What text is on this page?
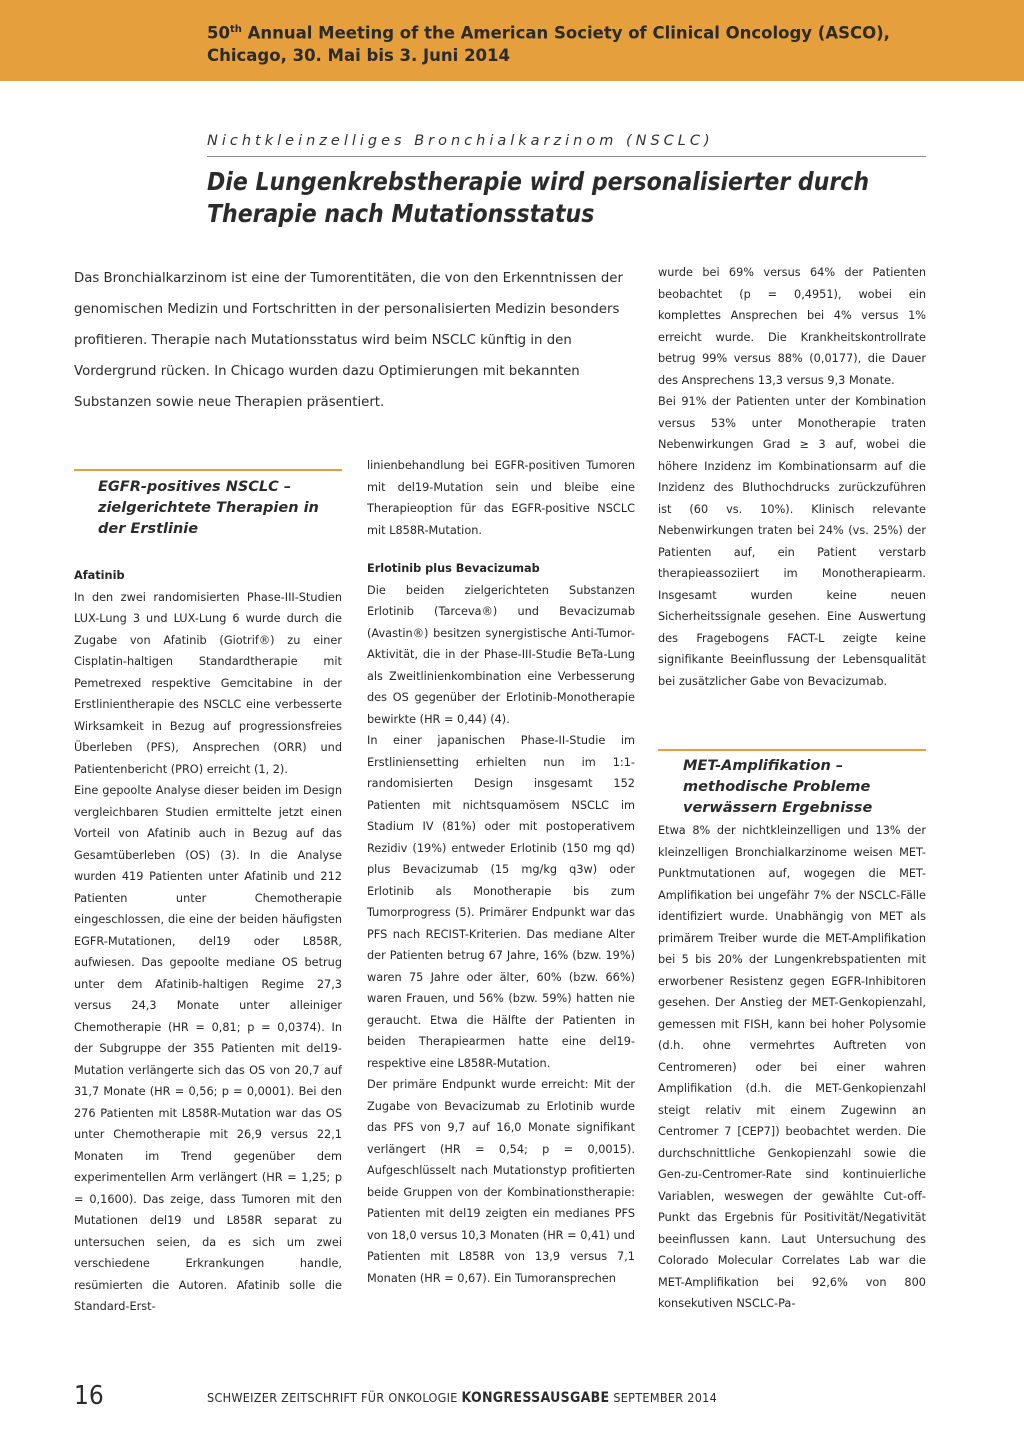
50th Annual Meeting of the American Society of Clinical Oncology (ASCO),
Chicago, 30. Mai bis 3. Juni 2014
Nichtkleinzelliges Bronchialkarzinom (NSCLC)
Die Lungenkrebstherapie wird personalisierter durch Therapie nach Mutationsstatus
Das Bronchialkarzinom ist eine der Tumorentitäten, die von den Erkenntnissen der genomischen Medizin und Fortschritten in der personalisierten Medizin besonders profitieren. Therapie nach Mutationsstatus wird beim NSCLC künftig in den Vordergrund rücken. In Chicago wurden dazu Optimierungen mit bekannten Substanzen sowie neue Therapien präsentiert.
EGFR-positives NSCLC – zielgerichtete Therapien in der Erstlinie

Afatinib

In den zwei randomisierten Phase-III-Studien LUX-Lung 3 und LUX-Lung 6 wurde durch die Zugabe von Afatinib (Giotrif®) zu einer Cisplatin-haltigen Standardtherapie mit Pemetrexed respektive Gemcitabine in der Erstlinientherapie des NSCLC eine verbesserte Wirksamkeit in Bezug auf progressionsfreies Überleben (PFS), Ansprechen (ORR) und Patientenbericht (PRO) erreicht (1, 2).

Eine gepoolte Analyse dieser beiden im Design vergleichbaren Studien ermittelte jetzt einen Vorteil von Afatinib auch in Bezug auf das Gesamtüberleben (OS) (3). In die Analyse wurden 419 Patienten unter Afatinib und 212 Patienten unter Chemotherapie eingeschlossen, die eine der beiden häufigsten EGFR-Mutationen, del19 oder L858R, aufwiesen. Das gepoolte mediane OS betrug unter dem Afatinib-haltigen Regime 27,3 versus 24,3 Monate unter alleiniger Chemotherapie (HR = 0,81; p = 0,0374). In der Subgruppe der 355 Patienten mit del19-Mutation verlängerte sich das OS von 20,7 auf 31,7 Monate (HR = 0,56; p = 0,0001). Bei den 276 Patienten mit L858R-Mutation war das OS unter Chemotherapie mit 26,9 versus 22,1 Monaten im Trend gegenüber dem experimentellen Arm verlängert (HR = 1,25; p = 0,1600). Das zeige, dass Tumoren mit den Mutationen del19 und L858R separat zu untersuchen seien, da es sich um zwei verschiedene Erkrankungen handle, resümierten die Autoren. Afatinib solle die Standard-Erst-

linienbehandlung bei EGFR-positiven Tumoren mit del19-Mutation sein und bleibe eine Therapieoption für das EGFR-positive NSCLC mit L858R-Mutation.

Erlotinib plus Bevacizumab

Die beiden zielgerichteten Substanzen Erlotinib (Tarceva®) und Bevacizumab (Avastin®) besitzen synergistische Anti-Tumor-Aktivität, die in der Phase-III-Studie BeTa-Lung als Zweitlinienkombination eine Verbesserung des OS gegenüber der Erlotinib-Monotherapie bewirkte (HR = 0,44) (4).

In einer japanischen Phase-II-Studie im Erstliniensetting erhielten nun im 1:1-randomisierten Design insgesamt 152 Patienten mit nichtsquamösem NSCLC im Stadium IV (81%) oder mit postoperativem Rezidiv (19%) entweder Erlotinib (150 mg qd) plus Bevacizumab (15 mg/kg q3w) oder Erlotinib als Monotherapie bis zum Tumorprogress (5). Primärer Endpunkt war das PFS nach RECIST-Kriterien. Das mediane Alter der Patienten betrug 67 Jahre, 16% (bzw. 19%) waren 75 Jahre oder älter, 60% (bzw. 66%) waren Frauen, und 56% (bzw. 59%) hatten nie geraucht. Etwa die Hälfte der Patienten in beiden Therapiearmen hatte eine del19- respektive eine L858R-Mutation.

Der primäre Endpunkt wurde erreicht: Mit der Zugabe von Bevacizumab zu Erlotinib wurde das PFS von 9,7 auf 16,0 Monate signifikant verlängert (HR = 0,54; p = 0,0015). Aufgeschlüsselt nach Mutationstyp profitierten beide Gruppen von der Kombinationstherapie: Patienten mit del19 zeigten ein medianes PFS von 18,0 versus 10,3 Monaten (HR = 0,41) und Patienten mit L858R von 13,9 versus 7,1 Monaten (HR = 0,67). Ein Tumoransprechen

wurde bei 69% versus 64% der Patienten beobachtet (p = 0,4951), wobei ein komplettes Ansprechen bei 4% versus 1% erreicht wurde. Die Krankheitskontrollrate betrug 99% versus 88% (0,0177), die Dauer des Ansprechens 13,3 versus 9,3 Monate.

Bei 91% der Patienten unter der Kombination versus 53% unter Monotherapie traten Nebenwirkungen Grad ≥ 3 auf, wobei die höhere Inzidenz im Kombinationsarm auf die Inzidenz des Bluthochdrucks zurückzuführen ist (60 vs. 10%). Klinisch relevante Nebenwirkungen traten bei 24% (vs. 25%) der Patienten auf, ein Patient verstarb therapieassoziiert im Monotherapiearm. Insgesamt wurden keine neuen Sicherheitssignale gesehen. Eine Auswertung des Fragebogens FACT-L zeigte keine signifikante Beeinflussung der Lebensqualität bei zusätzlicher Gabe von Bevacizumab.

MET-Amplifikation – methodische Probleme verwässern Ergebnisse

Etwa 8% der nichtkleinzelligen und 13% der kleinzelligen Bronchialkarzinome weisen MET-Punktmutationen auf, wogegen die MET-Amplifikation bei ungefähr 7% der NSCLC-Fälle identifiziert wurde. Unabhängig von MET als primärem Treiber wurde die MET-Amplifikation bei 5 bis 20% der Lungenkrebspatienten mit erworbener Resistenz gegen EGFR-Inhibitoren gesehen. Der Anstieg der MET-Genkopienzahl, gemessen mit FISH, kann bei hoher Polysomie (d.h. ohne vermehrtes Auftreten von Centromeren) oder bei einer wahren Amplifikation (d.h. die MET-Genkopienzahl steigt relativ mit einem Zugewinn an Centromer 7 [CEP7]) beobachtet werden. Die durchschnittliche Genkopienzahl sowie die Gen-zu-Centromer-Rate sind kontinuierliche Variablen, weswegen der gewählte Cut-off-Punkt das Ergebnis für Positivität/Negativität beeinflussen kann. Laut Untersuchung des Colorado Molecular Correlates Lab war die MET-Amplifikation bei 92,6% von 800 konsekutiven NSCLC-Pa-

16	SCHWEIZER ZEITSCHRIFT FÜR ONKOLOGIE KONGRESSAUSGABE SEPTEMBER 2014
